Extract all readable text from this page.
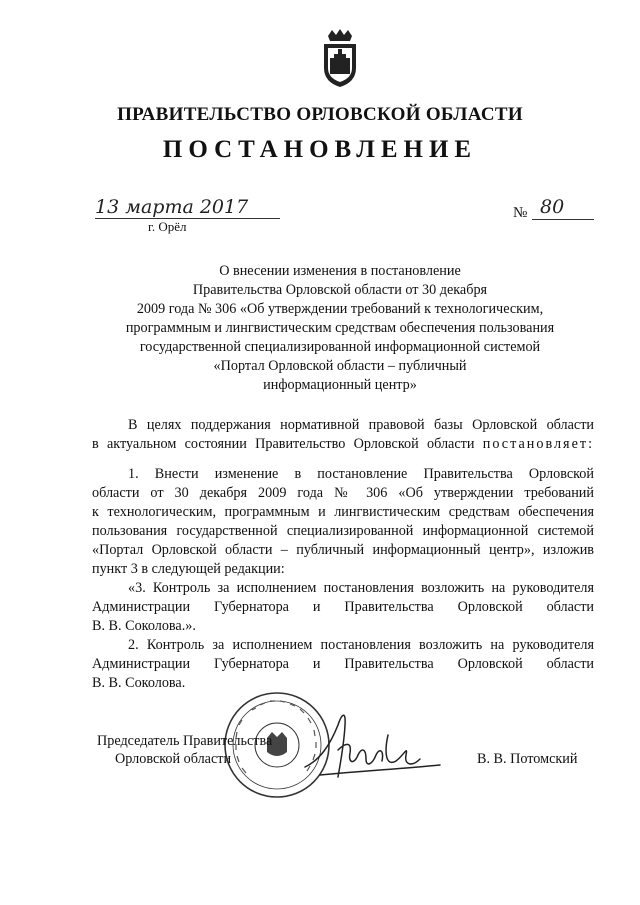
ПРАВИТЕЛЬСТВО ОРЛОВСКОЙ ОБЛАСТИ
ПОСТАНОВЛЕНИЕ
13 марта 2017
г. Орёл
№ 80
О внесении изменения в постановление
Правительства Орловской области от 30 декабря
2009 года № 306 «Об утверждении требований к технологическим,
программным и лингвистическим средствам обеспечения пользования
государственной специализированной информационной системой
«Портал Орловской области – публичный
информационный центр»
В целях поддержания нормативной правовой базы Орловской области
в актуальном состоянии Правительство Орловской области постановляет:
1. Внести изменение в постановление Правительства Орловской
области от 30 декабря 2009 года № 306 «Об утверждении требований
к технологическим, программным и лингвистическим средствам обеспечения
пользования государственной специализированной информационной системой
«Портал Орловской области – публичный информационный центр», изложив
пункт 3 в следующей редакции:
«3. Контроль за исполнением постановления возложить на руководителя
Администрации Губернатора и Правительства Орловской области
В. В. Соколова.».
2. Контроль за исполнением постановления возложить на руководителя
Администрации Губернатора и Правительства Орловской области
В. В. Соколова.
Председатель Правительства
Орловской области	В. В. Потомский
